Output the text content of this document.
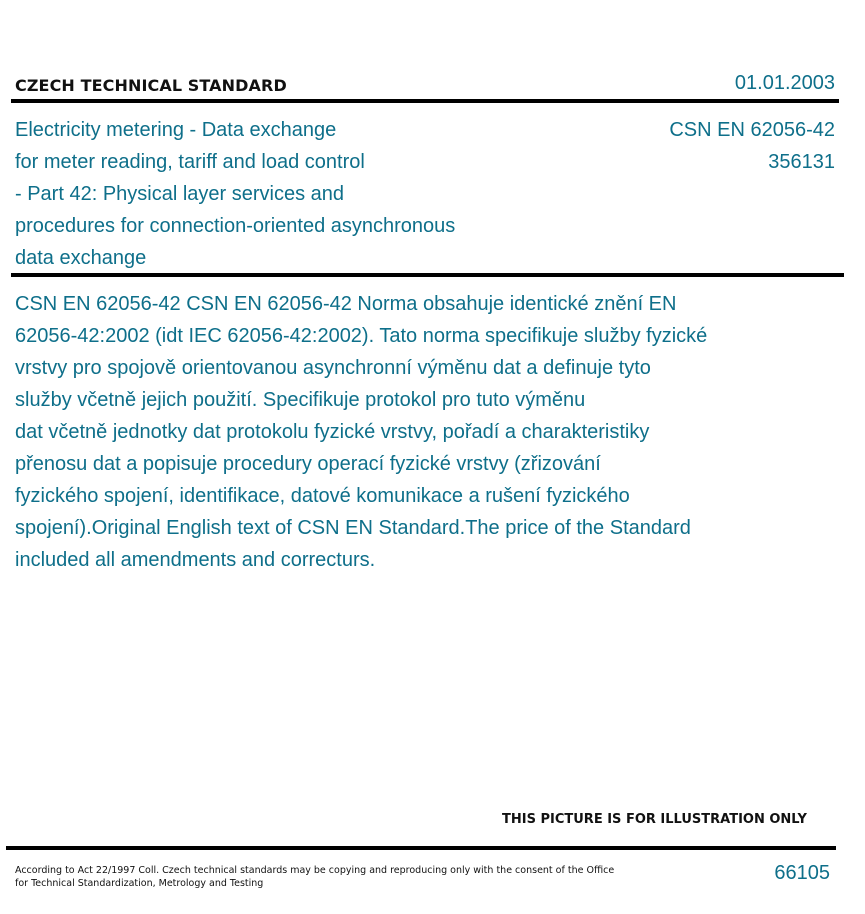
CZECH TECHNICAL STANDARD	01.01.2003
Electricity metering - Data exchange
for meter reading, tariff and load control
- Part 42: Physical layer services and
procedures for connection-oriented asynchronous
data exchange
CSN EN 62056-42
356131
CSN EN 62056-42 CSN EN 62056-42 Norma obsahuje identické znění EN
62056-42:2002 (idt IEC 62056-42:2002). Tato norma specifikuje služby fyzické
vrstvy pro spojově orientovanou asynchronní výměnu dat a definuje tyto
služby včetně jejich použití. Specifikuje protokol pro tuto výměnu
dat včetně jednotky dat protokolu fyzické vrstvy, pořadí a charakteristiky
přenosu dat a popisuje procedury operací fyzické vrstvy (zřizování
fyzického spojení, identifikace, datové komunikace a rušení fyzického
spojení).Original English text of CSN EN Standard.The price of the Standard
included all amendments and correcturs.
THIS PICTURE IS FOR ILLUSTRATION ONLY
According to Act 22/1997 Coll. Czech technical standards may be copying and reproducing only with the consent of the Office
for Technical Standardization, Metrology and Testing	66105
